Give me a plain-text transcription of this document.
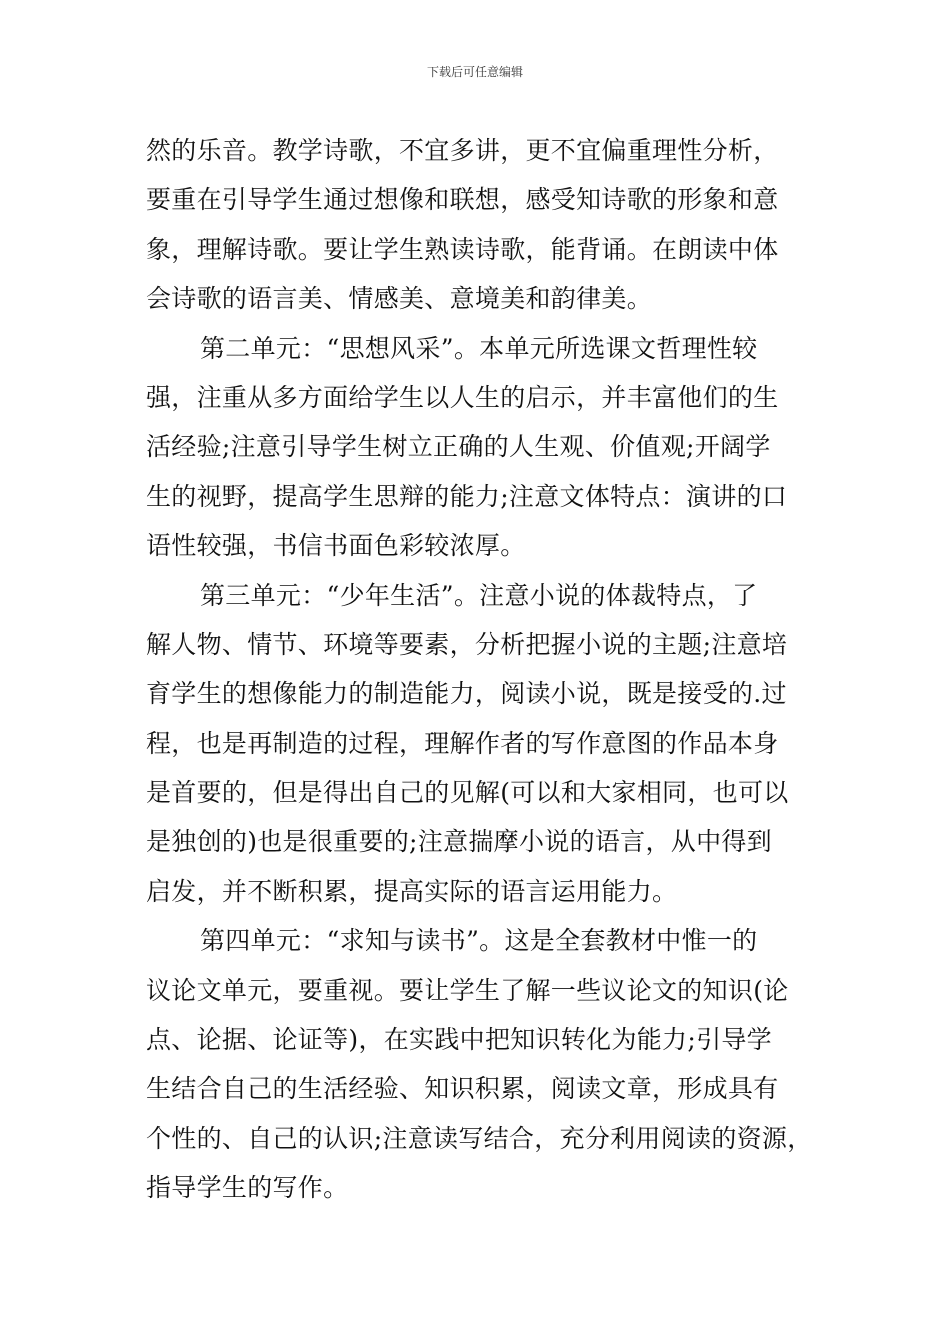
下载后可任意编辑
然的乐音。教学诗歌，不宜多讲，更不宜偏重理性分析，
要重在引导学生通过想像和联想，感受知诗歌的形象和意
象，理解诗歌。要让学生熟读诗歌，能背诵。在朗读中体
会诗歌的语言美、情感美、意境美和韵律美。
第二单元：“思想风采”。本单元所选课文哲理性较
强，注重从多方面给学生以人生的启示，并丰富他们的生
活经验;注意引导学生树立正确的人生观、价值观;开阔学
生的视野，提高学生思辩的能力;注意文体特点：演讲的口
语性较强，书信书面色彩较浓厚。
第三单元：“少年生活”。注意小说的体裁特点，了
解人物、情节、环境等要素，分析把握小说的主题;注意培
育学生的想像能力的制造能力，阅读小说，既是接受的.过
程，也是再制造的过程，理解作者的写作意图的作品本身
是首要的，但是得出自己的见解(可以和大家相同，也可以
是独创的)也是很重要的;注意揣摩小说的语言，从中得到
启发，并不断积累，提高实际的语言运用能力。
第四单元：“求知与读书”。这是全套教材中惟一的
议论文单元，要重视。要让学生了解一些议论文的知识(论
点、论据、论证等)，在实践中把知识转化为能力;引导学
生结合自己的生活经验、知识积累，阅读文章，形成具有
个性的、自己的认识;注意读写结合，充分利用阅读的资源，
指导学生的写作。
